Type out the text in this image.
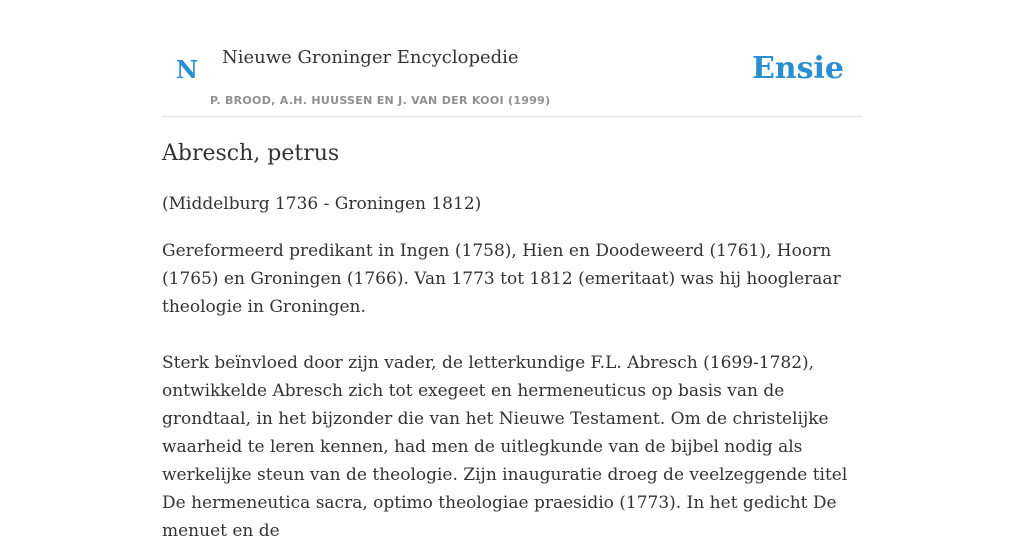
N Nieuwe Groninger Encyclopedie
P. BROOD, A.H. HUUSSEN EN J. VAN DER KOOI (1999)
Ensie
Abresch, petrus

(Middelburg 1736 - Groningen 1812)

Gereformeerd predikant in Ingen (1758), Hien en Doodeweerd (1761), Hoorn (1765) en Groningen (1766). Van 1773 tot 1812 (emeritaat) was hij hoogleraar theologie in Groningen.

Sterk beïnvloed door zijn vader, de letterkundige F.L. Abresch (1699-1782), ontwikkelde Abresch zich tot exegeet en hermeneuticus op basis van de grondtaal, in het bijzonder die van het Nieuwe Testament. Om de christelijke waarheid te leren kennen, had men de uitlegkunde van de bijbel nodig als werkelijke steun van de theologie. Zijn inauguratie droeg de veelzeggende titel De hermeneutica sacra, optimo theologiae praesidio (1773). In het gedicht De menuet en de
